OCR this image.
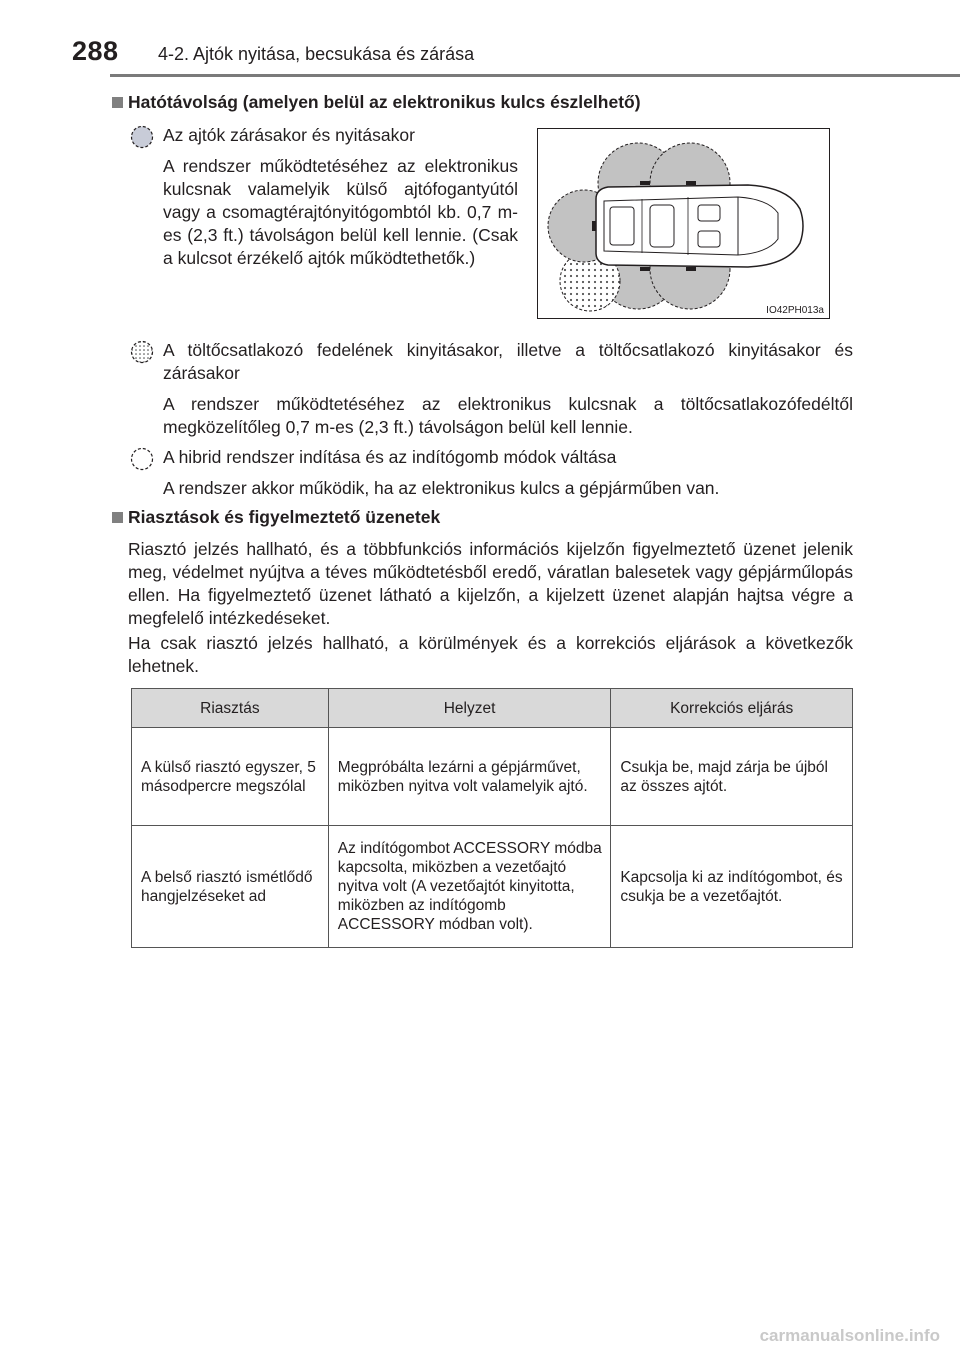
288 4-2. Ajtók nyitása, becsukása és zárása
Hatótávolság (amelyen belül az elektronikus kulcs észlelhető)
Az ajtók zárásakor és nyitásakor
A rendszer működtetéséhez az elektronikus kulcsnak valamelyik külső ajtófogantyútól vagy a csomagtérajtónyitógombtól kb. 0,7 m-es (2,3 ft.) távolságon belül kell lennie. (Csak a kulcsot érzékelő ajtók működtethetők.)
IO42PH013a
A töltőcsatlakozó fedelének kinyitásakor, illetve a töltőcsatlakozó kinyitásakor és zárásakor
A rendszer működtetéséhez az elektronikus kulcsnak a töltőcsatlakozófedéltől megközelítőleg 0,7 m-es (2,3 ft.) távolságon belül kell lennie.
A hibrid rendszer indítása és az indítógomb módok váltása
A rendszer akkor működik, ha az elektronikus kulcs a gépjárműben van.
Riasztások és figyelmeztető üzenetek
Riasztó jelzés hallható, és a többfunkciós információs kijelzőn figyelmeztető üzenet jelenik meg, védelmet nyújtva a téves működtetésből eredő, váratlan balesetek vagy gépjárműlopás ellen. Ha figyelmeztető üzenet látható a kijelzőn, a kijelzett üzenet alapján hajtsa végre a megfelelő intézkedéseket.
Ha csak riasztó jelzés hallható, a körülmények és a korrekciós eljárások a következők lehetnek.
Riasztás	Helyzet	Korrekciós eljárás
A külső riasztó egyszer, 5 másodpercre megszólal	Megpróbálta lezárni a gépjárművet, miközben nyitva volt valamelyik ajtó.	Csukja be, majd zárja be újból az összes ajtót.
A belső riasztó ismétlődő hangjelzéseket ad	Az indítógombot ACCESSORY módba kapcsolta, miközben a vezetőajtó nyitva volt (A vezetőajtót kinyitotta, miközben az indítógomb ACCESSORY módban volt).	Kapcsolja ki az indítógombot, és csukja be a vezetőajtót.
carmanualsonline.info
